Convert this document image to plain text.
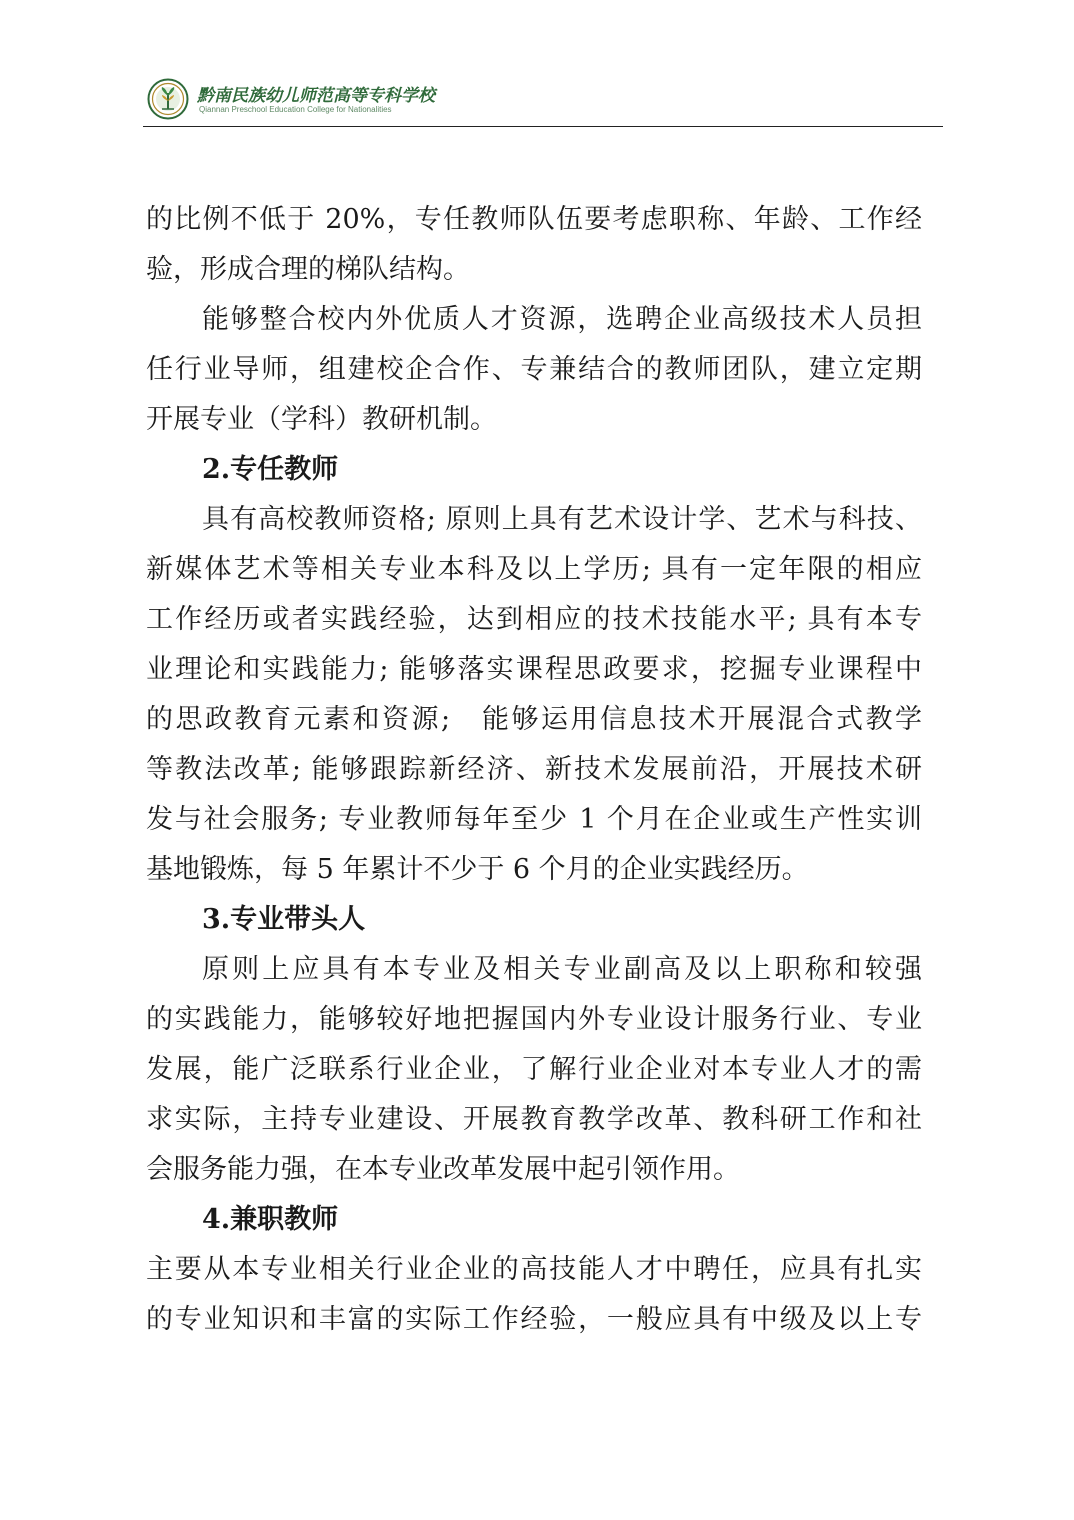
黔南民族幼儿师范高等专科学校
Qiannan Preschool Education College for Nationalities
的比例不低于 20%，专任教师队伍要考虑职称、年龄、工作经
验，形成合理的梯队结构。
能够整合校内外优质人才资源，选聘企业高级技术人员担
任行业导师，组建校企合作、专兼结合的教师团队，建立定期
开展专业（学科）教研机制。
2.专任教师
具有高校教师资格; 原则上具有艺术设计学、艺术与科技、
新媒体艺术等相关专业本科及以上学历; 具有一定年限的相应
工作经历或者实践经验，达到相应的技术技能水平; 具有本专
业理论和实践能力; 能够落实课程思政要求，挖掘专业课程中
的思政教育元素和资源;　能够运用信息技术开展混合式教学
等教法改革; 能够跟踪新经济、新技术发展前沿，开展技术研
发与社会服务; 专业教师每年至少 1 个月在企业或生产性实训
基地锻炼，每 5 年累计不少于 6 个月的企业实践经历。
3.专业带头人
原则上应具有本专业及相关专业副高及以上职称和较强
的实践能力，能够较好地把握国内外专业设计服务行业、专业
发展，能广泛联系行业企业，了解行业企业对本专业人才的需
求实际，主持专业建设、开展教育教学改革、教科研工作和社
会服务能力强，在本专业改革发展中起引领作用。
4.兼职教师
主要从本专业相关行业企业的高技能人才中聘任，应具有扎实
的专业知识和丰富的实际工作经验，一般应具有中级及以上专
